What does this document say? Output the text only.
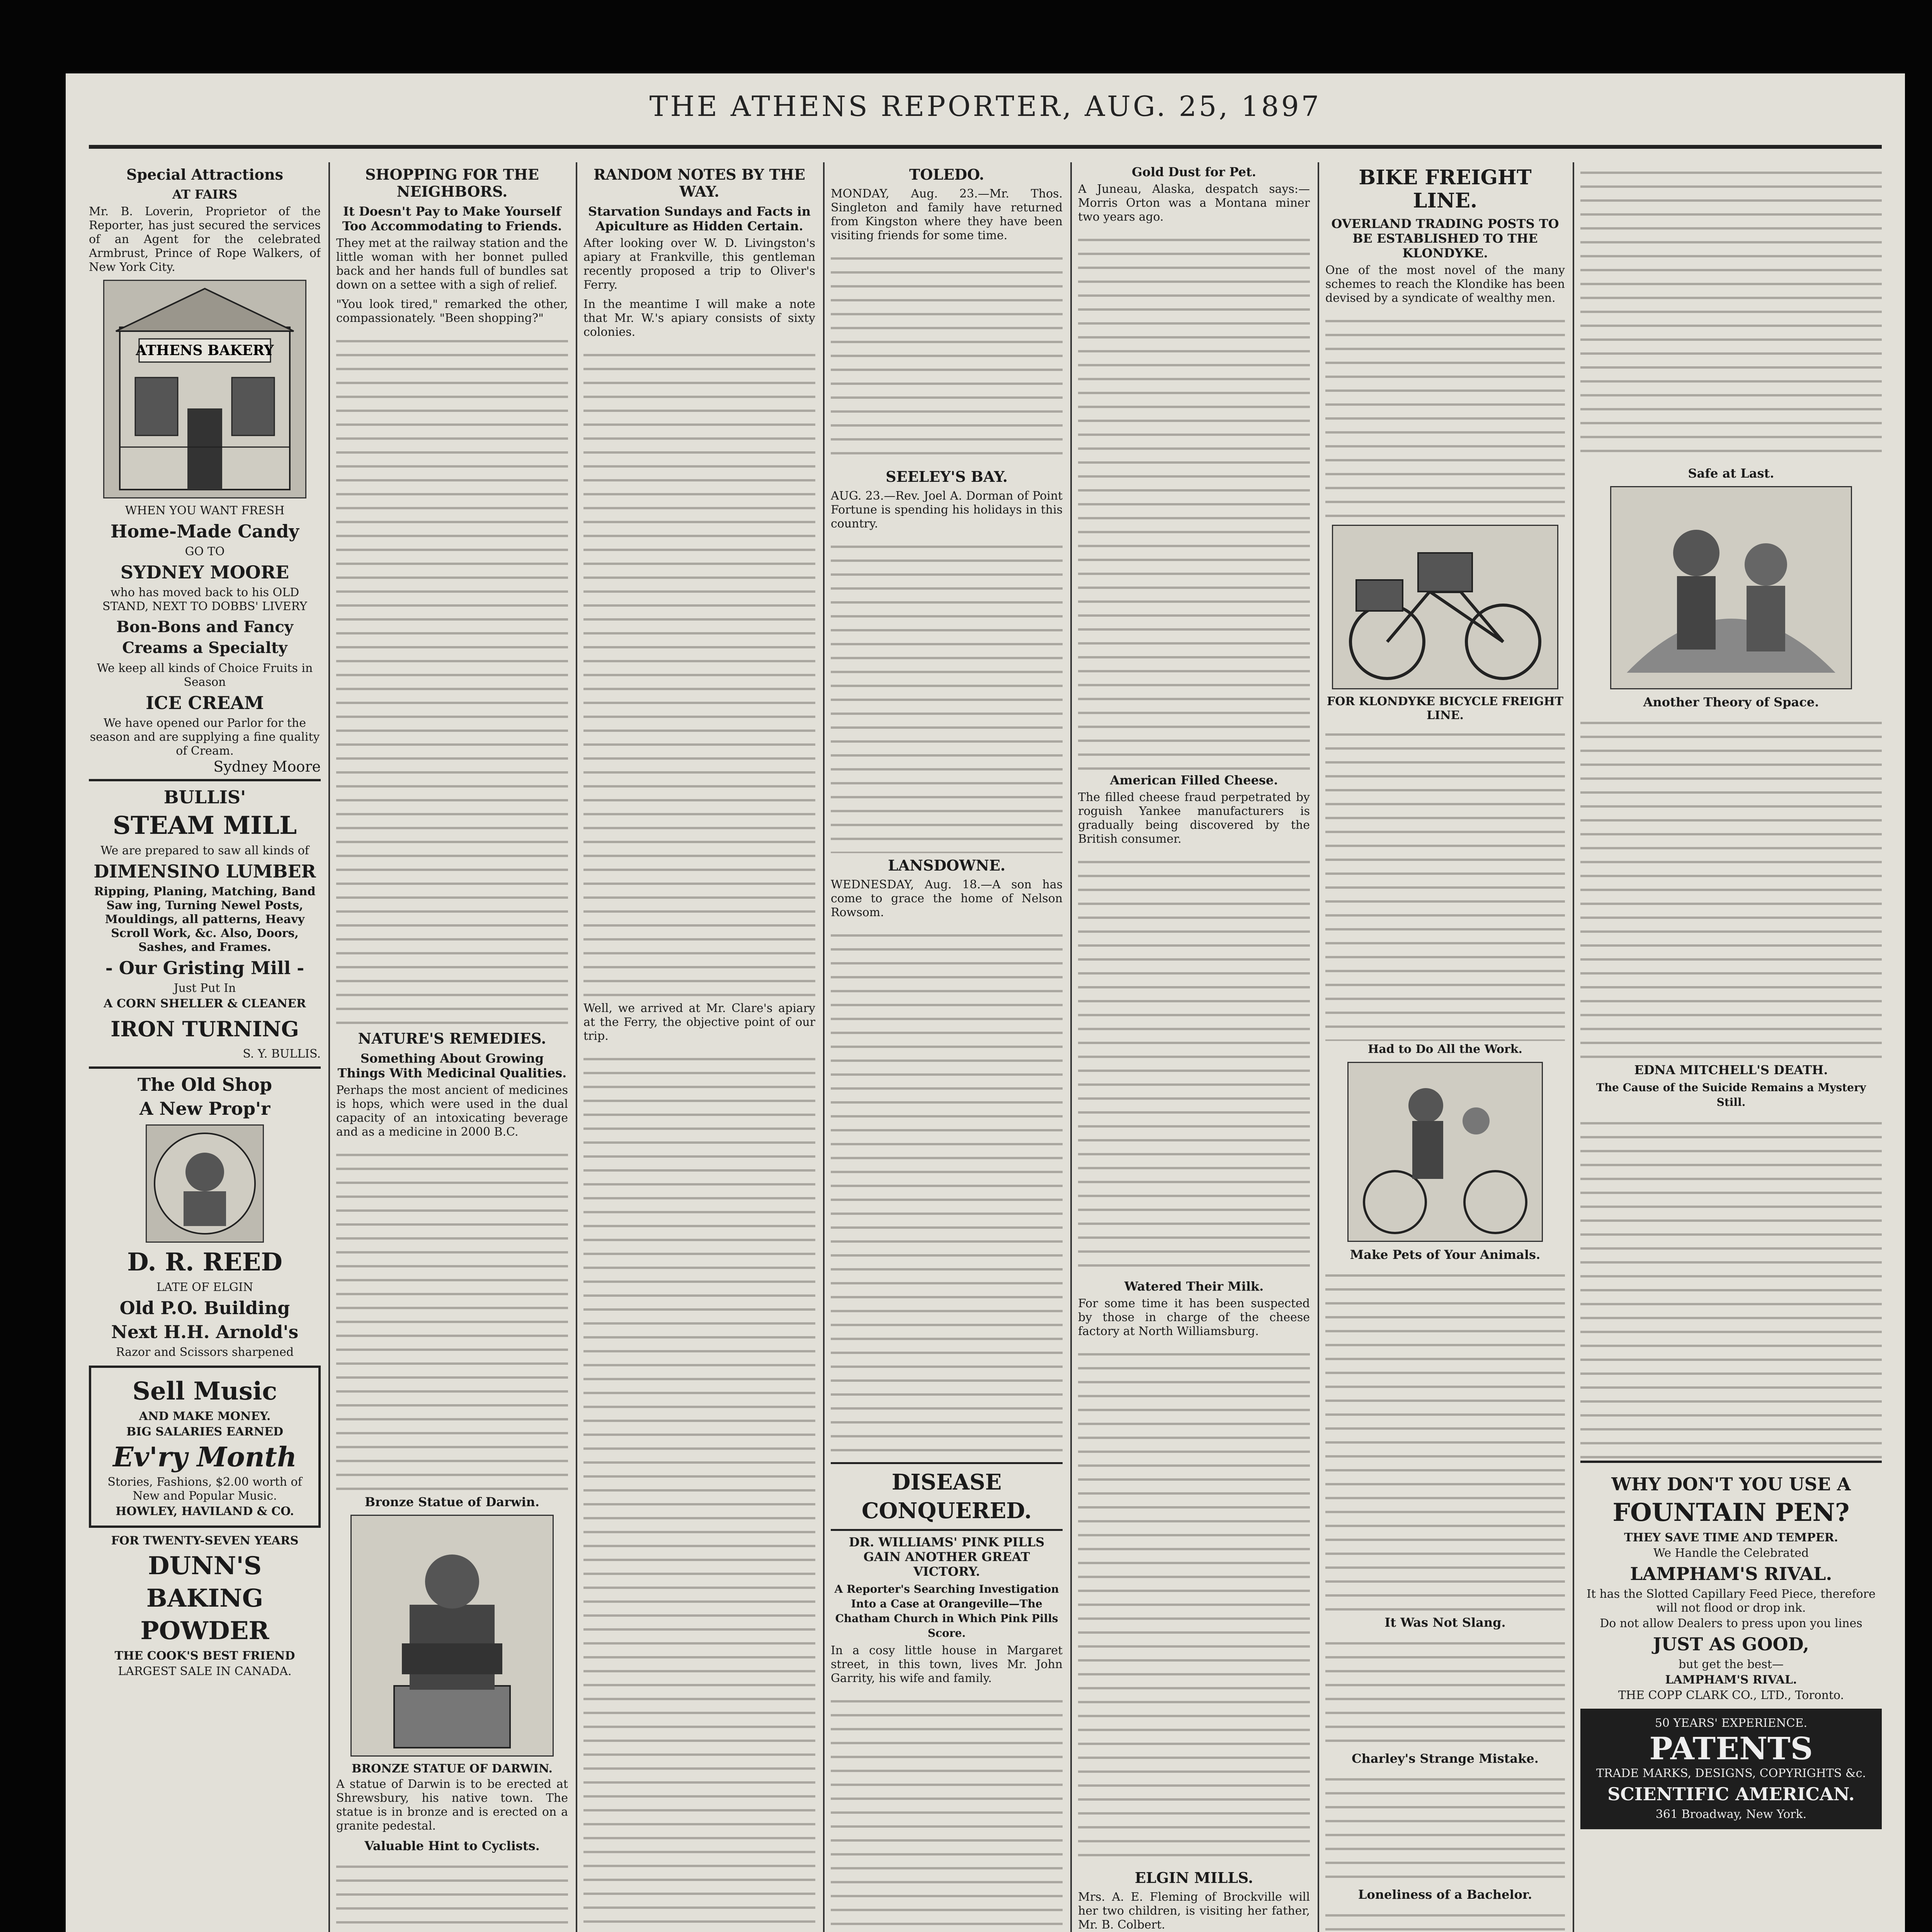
THE ATHENS REPORTER, AUG. 25, 1897
Special Attractions
AT FAIRS

Mr. B. Loverin, Proprietor of the Reporter, has just secured the services of an Agent for the celebrated Armbrust, Prince of Rope Walkers, of New York City.

ATHENS BAKERY
WHEN YOU WANT FRESH
Home-Made Candy
GO TO
SYDNEY MOORE
who has moved back to his OLD STAND, NEXT TO DOBBS' LIVERY
Bon-Bons and Fancy Creams a Specialty
We keep all kinds of Choice Fruits in Season
ICE CREAM
We have opened our Parlor for the season and are supplying a fine quality of Cream.
Sydney Moore
BULLIS'
STEAM MILL
We are prepared to saw all kinds of
DIMENSINO LUMBER
Ripping, Planing, Matching, Band Saw ing, Turning Newel Posts, Mouldings, all patterns, Heavy Scroll Work, &c. Also, Doors, Sashes, and Frames.
- Our Gristing Mill -
Just Put In
A CORN SHELLER & CLEANER
IRON TURNING
S. Y. BULLIS.
The Old Shop
A New Prop'r
D. R. REED
LATE OF ELGIN
Old P.O. Building
Next H.H. Arnold's
Razor and Scissors sharpened
Sell Music
AND MAKE MONEY.
BIG SALARIES EARNED
Ev'ry Month
Stories, Fashions, $2.00 worth of New and Popular Music.
HOWLEY, HAVILAND & CO.
FOR TWENTY-SEVEN YEARS
DUNN'S
BAKING
POWDER
THE COOK'S BEST FRIEND
LARGEST SALE IN CANADA.
SHOPPING FOR THE NEIGHBORS.
It Doesn't Pay to Make Yourself Too Accommodating to Friends.

They met at the railway station and the little woman with her bonnet pulled back and her hands full of bundles sat down on a settee with a sigh of relief.

"You look tired," remarked the other, compassionately. "Been shopping?"

NATURE'S REMEDIES.
Something About Growing Things With Medicinal Qualities.

Perhaps the most ancient of medicines is hops, which were used in the dual capacity of an intoxicating beverage and as a medicine in 2000 B.C.

Bronze Statue of Darwin.
BRONZE STATUE OF DARWIN.

A statue of Darwin is to be erected at Shrewsbury, his native town. The statue is in bronze and is erected on a granite pedestal.

Valuable Hint to Cyclists.
RANDOM NOTES BY THE WAY.
Starvation Sundays and Facts in Apiculture as Hidden Certain.

After looking over W. D. Livingston's apiary at Frankville, this gentleman recently proposed a trip to Oliver's Ferry.

In the meantime I will make a note that Mr. W.'s apiary consists of sixty colonies.

Well, we arrived at Mr. Clare's apiary at the Ferry, the objective point of our trip.

TOLEDO.

MONDAY, Aug. 23.—Mr. Thos. Singleton and family have returned from Kingston where they have been visiting friends for some time.

SEELEY'S BAY.

AUG. 23.—Rev. Joel A. Dorman of Point Fortune is spending his holidays in this country.

LANSDOWNE.

WEDNESDAY, Aug. 18.—A son has come to grace the home of Nelson Rowsom.

DISEASE CONQUERED.
DR. WILLIAMS' PINK PILLS GAIN ANOTHER GREAT VICTORY.
A Reporter's Searching Investigation Into a Case at Orangeville—The Chatham Church in Which Pink Pills Score.

In a cosy little house in Margaret street, in this town, lives Mr. John Garrity, his wife and family.

Gold Dust for Pet.

A Juneau, Alaska, despatch says:—Morris Orton was a Montana miner two years ago.

American Filled Cheese.

The filled cheese fraud perpetrated by roguish Yankee manufacturers is gradually being discovered by the British consumer.

Watered Their Milk.

For some time it has been suspected by those in charge of the cheese factory at North Williamsburg.

ELGIN MILLS.

Mrs. A. E. Fleming of Brockville will her two children, is visiting her father, Mr. B. Colbert.

BIKE FREIGHT LINE.
OVERLAND TRADING POSTS TO BE ESTABLISHED TO THE KLONDYKE.

One of the most novel of the many schemes to reach the Klondike has been devised by a syndicate of wealthy men.

FOR KLONDYKE BICYCLE FREIGHT LINE.
Had to Do All the Work.
Make Pets of Your Animals.
It Was Not Slang.
Charley's Strange Mistake.
Loneliness of a Bachelor.
Safe at Last.
Another Theory of Space.
EDNA MITCHELL'S DEATH.
The Cause of the Suicide Remains a Mystery Still.
WHY DON'T YOU USE A
FOUNTAIN PEN?
THEY SAVE TIME AND TEMPER.
We Handle the Celebrated
LAMPHAM'S RIVAL.
It has the Slotted Capillary Feed Piece, therefore will not flood or drop ink.
Do not allow Dealers to press upon you lines
JUST AS GOOD,
but get the best—
LAMPHAM'S RIVAL.
THE COPP CLARK CO., LTD., Toronto.
50 YEARS' EXPERIENCE.
PATENTS
TRADE MARKS, DESIGNS, COPYRIGHTS &c.
SCIENTIFIC AMERICAN.
361 Broadway, New York.
